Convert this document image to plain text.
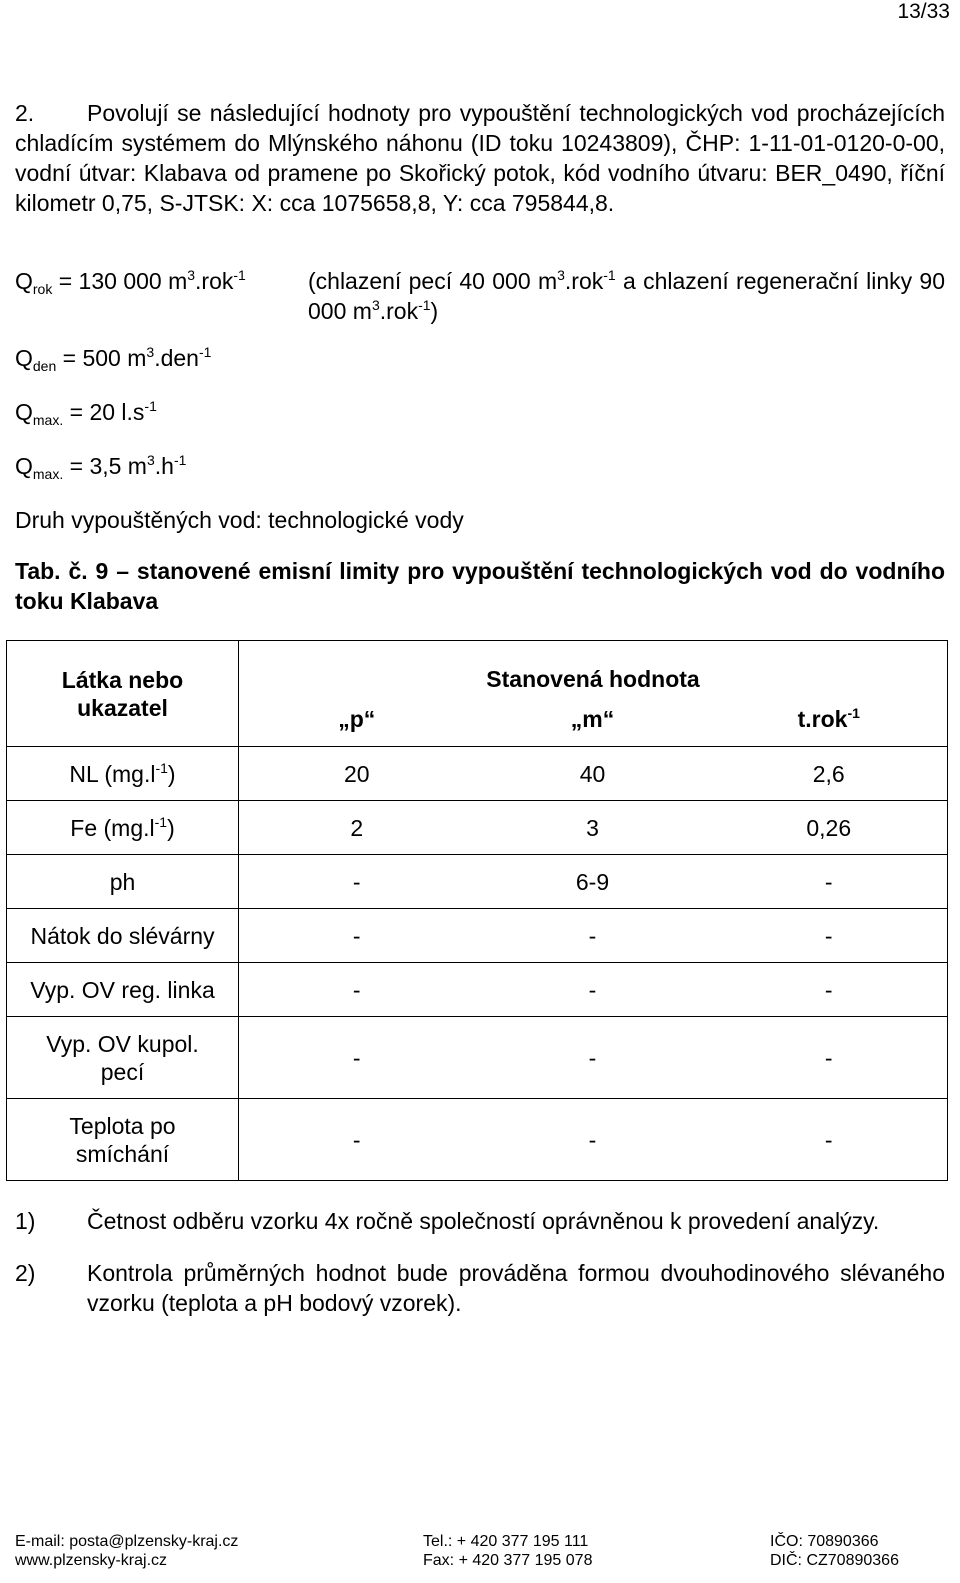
13/33
2. Povolují se následující hodnoty pro vypouštění technologických vod procházejících chladícím systémem do Mlýnského náhonu (ID toku 10243809), ČHP: 1-11-01-0120-0-00, vodní útvar: Klabava od pramene po Skořický potok, kód vodního útvaru: BER_0490, říční kilometr 0,75, S-JTSK: X: cca 1075658,8, Y: cca 795844,8.
$Q_{rok} = 130$ 000 $m^3.rok^{-1}$	(chlazení pecí 40 000 $m^3.rok^{-1}$ a chlazení regenerační linky 90 000 $m^3.rok^{-1}$)
$Q_{den} = 500$ $m^3.den^{-1}$
$Q_{max.} = 20$ $l.s^{-1}$
$Q_{max.} = 3,5$ $m^3.h^{-1}$
Druh vypouštěných vod: technologické vody
Tab. č. 9 – stanovené emisní limity pro vypouštění technologických vod do vodního toku Klabava
Látka nebo ukazatel	Stanovená hodnota		
	„p“	„m“	t.rok$^{-1}$
NL $(mg.l^{-1})$	20	40	2,6
Fe $(mg.l^{-1})$	2	3	0,26
ph	-	6-9	-
Nátok do slévárny	-	-	-
Vyp. OV reg. linka	-	-	-
Vyp. OV kupol. pecí	-	-	-
Teplota po smíchání	-	-	-
1)	Četnost odběru vzorku 4x ročně společností oprávněnou k provedení analýzy.
2)	Kontrola průměrných hodnot bude prováděna formou dvouhodinového slévaného vzorku (teplota a pH bodový vzorek).
E-mail: posta@plzensky-kraj.cz
www.plzensky-kraj.cz
Tel.: + 420 377 195 111
Fax: + 420 377 195 078
IČO: 70890366
DIČ: CZ70890366
